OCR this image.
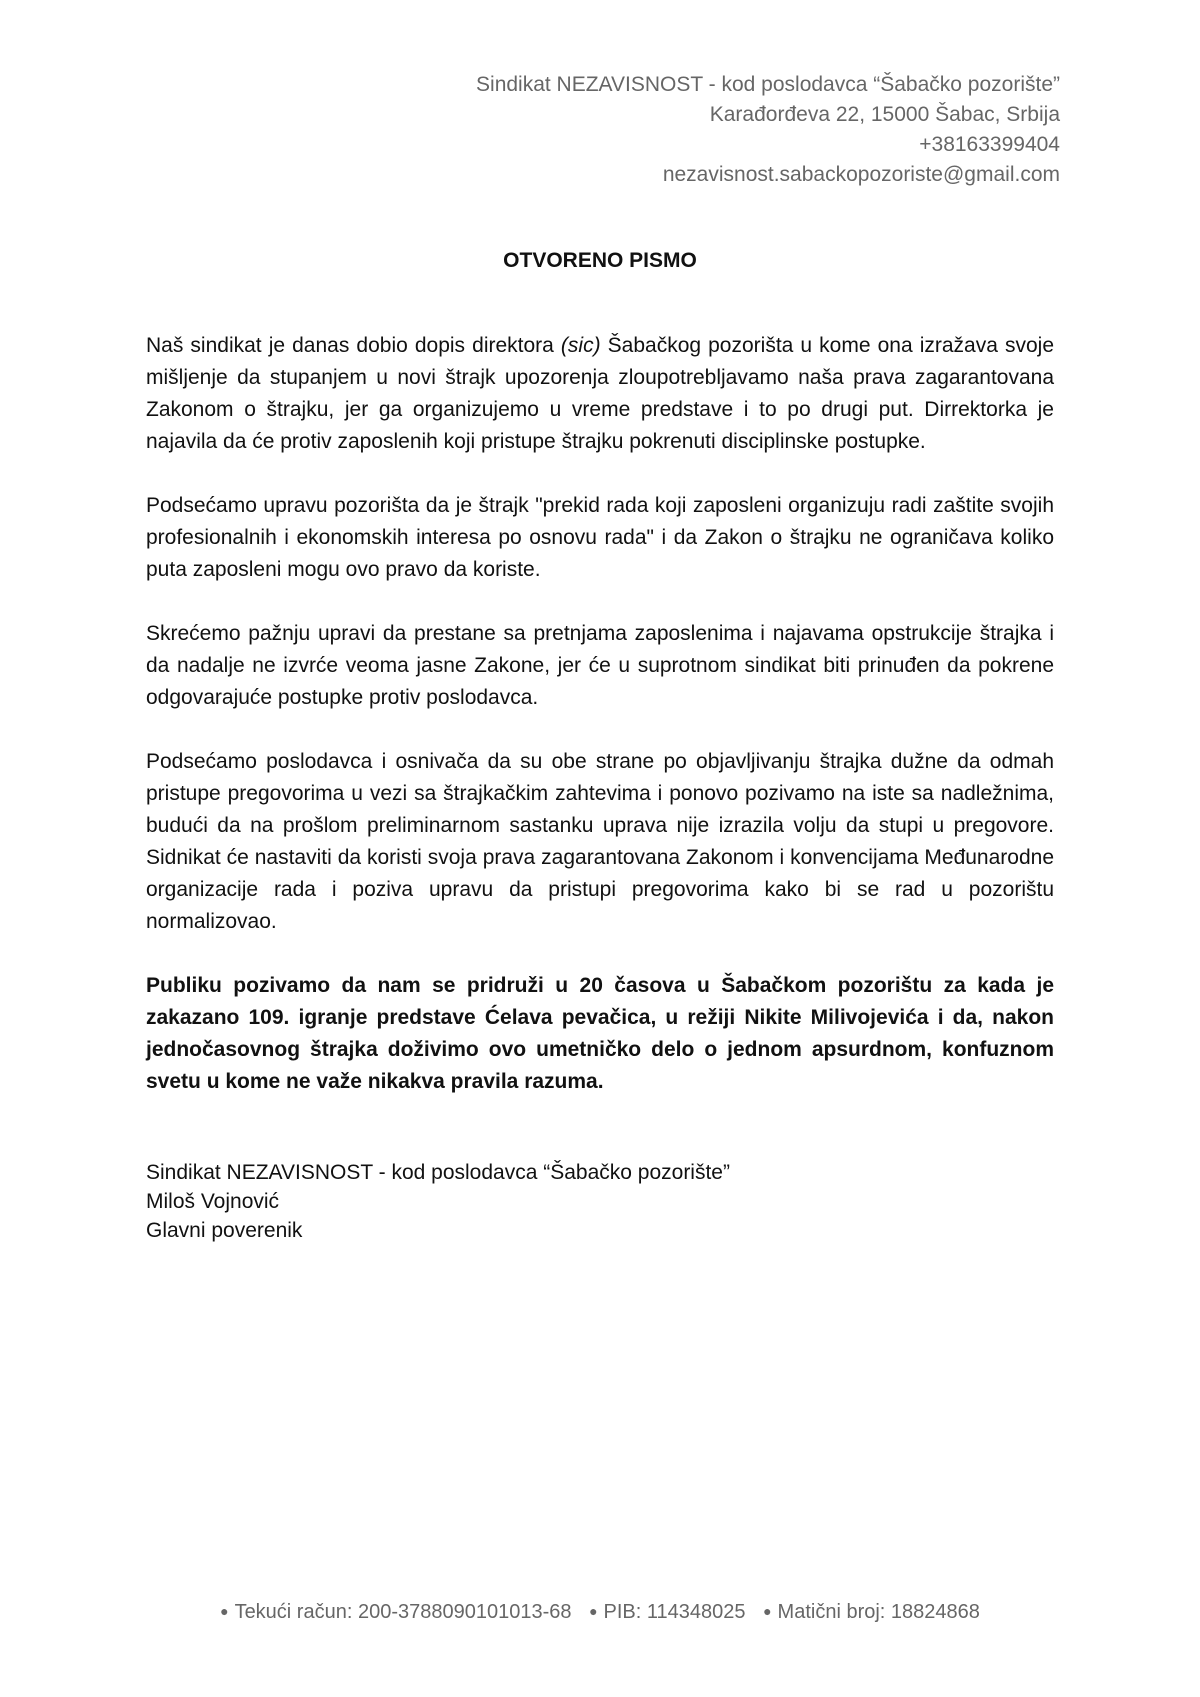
Sindikat NEZAVISNOST - kod poslodavca “Šabačko pozorište”
Karađorđeva 22, 15000 Šabac, Srbija
+38163399404
nezavisnost.sabackopozoriste@gmail.com
OTVORENO PISMO

Naš sindikat je danas dobio dopis direktora (sic) Šabačkog pozorišta u kome ona izražava svoje mišljenje da stupanjem u novi štrajk upozorenja zloupotrebljavamo naša prava zagarantovana Zakonom o štrajku, jer ga organizujemo u vreme predstave i to po drugi put. Dirrektorka je najavila da će protiv zaposlenih koji pristupe štrajku pokrenuti disciplinske postupke.

Podsećamo upravu pozorišta da je štrajk "prekid rada koji zaposleni organizuju radi zaštite svojih profesionalnih i ekonomskih interesa po osnovu rada" i da Zakon o štrajku ne ograničava koliko puta zaposleni mogu ovo pravo da koriste.

Skrećemo pažnju upravi da prestane sa pretnjama zaposlenima i najavama opstrukcije štrajka i da nadalje ne izvrće veoma jasne Zakone, jer će u suprotnom sindikat biti prinuđen da pokrene odgovarajuće postupke protiv poslodavca.

Podsećamo poslodavca i osnivača da su obe strane po objavljivanju štrajka dužne da odmah pristupe pregovorima u vezi sa štrajkačkim zahtevima i ponovo pozivamo na iste sa nadležnima, budući da na prošlom preliminarnom sastanku uprava nije izrazila volju da stupi u pregovore. Sidnikat će nastaviti da koristi svoja prava zagarantovana Zakonom i konvencijama Međunarodne organizacije rada i poziva upravu da pristupi pregovorima kako bi se rad u pozorištu normalizovao.

Publiku pozivamo da nam se pridruži u 20 časova u Šabačkom pozorištu za kada je zakazano 109. igranje predstave Ćelava pevačica, u režiji Nikite Milivojevića i da, nakon jednočasovnog štrajka doživimo ovo umetničko delo o jednom apsurdnom, konfuznom svetu u kome ne važe nikakva pravila razuma.

Sindikat NEZAVISNOST - kod poslodavca “Šabačko pozorište”
Miloš Vojnović
Glavni poverenik
● Tekući račun: 200-3788090101013-68 ● PIB: 114348025 ● Matični broj: 18824868
